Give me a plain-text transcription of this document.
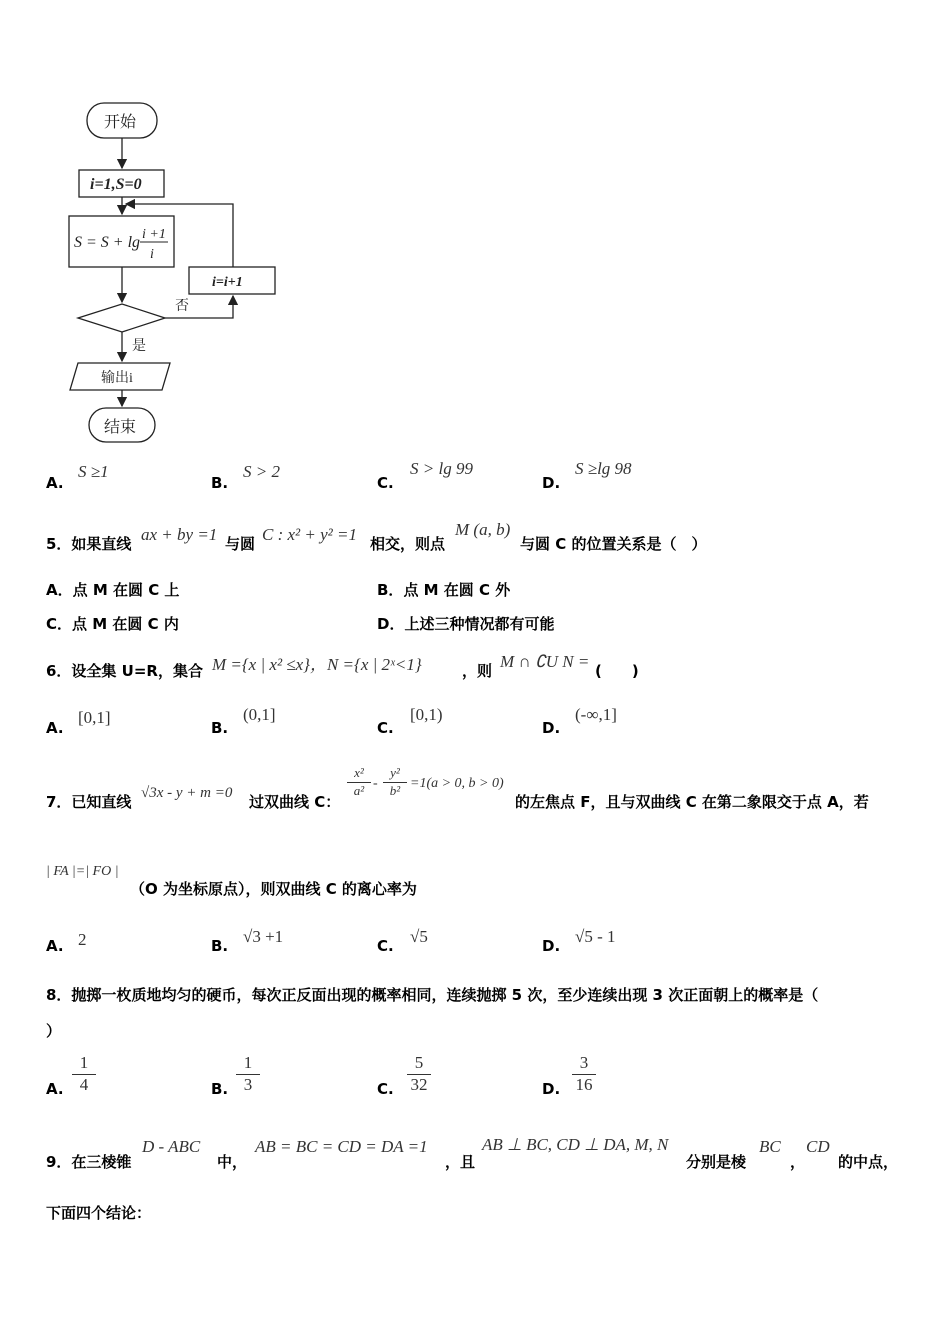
开始
i=1,S=0
S = S + lg i +1
i
i=i+1
否
是
输出i
结束
A.
S ≥1
B.
S > 2
C.
S > lg 99
D.
S ≥lg 98
5．如果直线 ax + by =1 与圆 C : x² + y² =1 相交，则点
M (a, b)
与圆 C 的位置关系是（　）
A．点 M 在圆 C 上	B．点 M 在圆 C 外
C．点 M 在圆 C 内	D．上述三种情况都有可能
6．设全集 U=R，集合 M ={x | x² ≤x}，N ={x | 2ˣ<1}	，则 M ∩ ∁U N = (　　)
A.
[0,1]
B.
(0,1]
C.
[0,1)
D.
(-∞,1]
7．已知直线 √3x - y + m =0 过双曲线 C：
$\frac{\text{x²}}{\text{a²}} - \frac{\text{y²}}{\text{b²}} =1(a > 0$, b > 0)
的左焦点 F，且与双曲线 C 在第二象限交于点 A，若
| FA |=| FO |
（O 为坐标原点），则双曲线 C 的离心率为
A. 2	B. √3 +1	C. √5	D. √5 - 1
8．抛掷一枚质地均匀的硬币，每次正反面出现的概率相同，连续抛掷 5 次，至少连续出现 3 次正面朝上的概率是（
）
A. $\frac{1}{4}$	B. $\frac{1}{3}$	C. $\frac{5}{32}$	D. $\frac{3}{16}$
9．在三棱锥
D - ABC
中，
AB = BC = CD = DA =1
，且
AB ⊥ BC, CD ⊥ DA, M, N
分别是棱
BC
，
CD
的中点，
下面四个结论：
